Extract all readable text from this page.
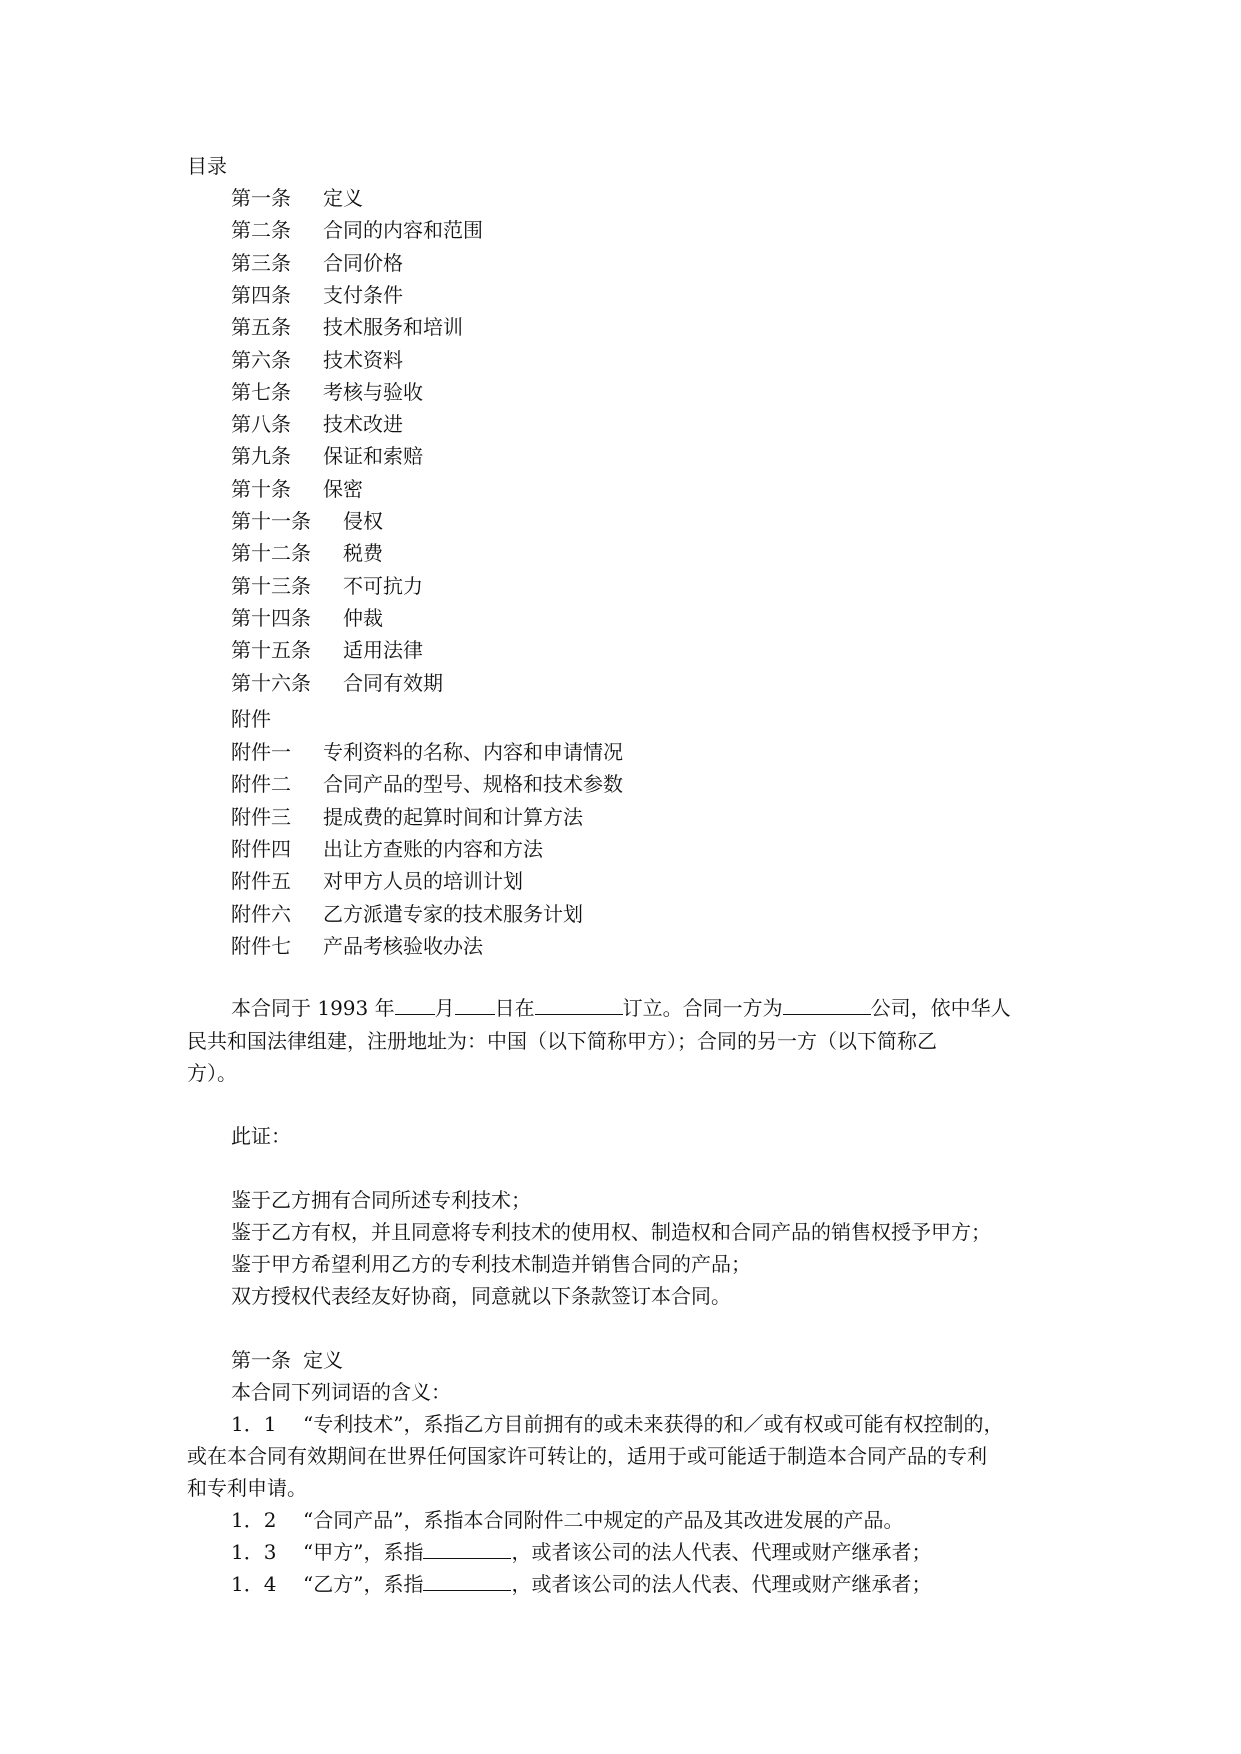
目录
第一条 定义
第二条 合同的内容和范围
第三条 合同价格
第四条 支付条件
第五条 技术服务和培训
第六条 技术资料
第七条 考核与验收
第八条 技术改进
第九条 保证和索赔
第十条 保密
第十一条 侵权
第十二条 税费
第十三条 不可抗力
第十四条 仲裁
第十五条 适用法律
第十六条 合同有效期
附件
附件一 专利资料的名称、内容和申请情况
附件二 合同产品的型号、规格和技术参数
附件三 提成费的起算时间和计算方法
附件四 出让方查账的内容和方法
附件五 对甲方人员的培训计划
附件六 乙方派遣专家的技术服务计划
附件七 产品考核验收办法
本合同于 1993 年 月 日在	订立。合同一方为	公司，依中华人
民共和国法律组建，注册地址为：中国（以下简称甲方）；合同的另一方（以下简称乙
方）。
此证：
鉴于乙方拥有合同所述专利技术；
鉴于乙方有权，并且同意将专利技术的使用权、制造权和合同产品的销售权授予甲方；
鉴于甲方希望利用乙方的专利技术制造并销售合同的产品；
双方授权代表经友好协商，同意就以下条款签订本合同。
第一条 定义
本合同下列词语的含义：
1．1 “专利技术”，系指乙方目前拥有的或未来获得的和／或有权或可能有权控制的，
或在本合同有效期间在世界任何国家许可转让的，适用于或可能适于制造本合同产品的专利
和专利申请。
1．2 “合同产品”，系指本合同附件二中规定的产品及其改进发展的产品。
1．3 “甲方”，系指	，或者该公司的法人代表、代理或财产继承者；
1．4 “乙方”，系指	，或者该公司的法人代表、代理或财产继承者；
